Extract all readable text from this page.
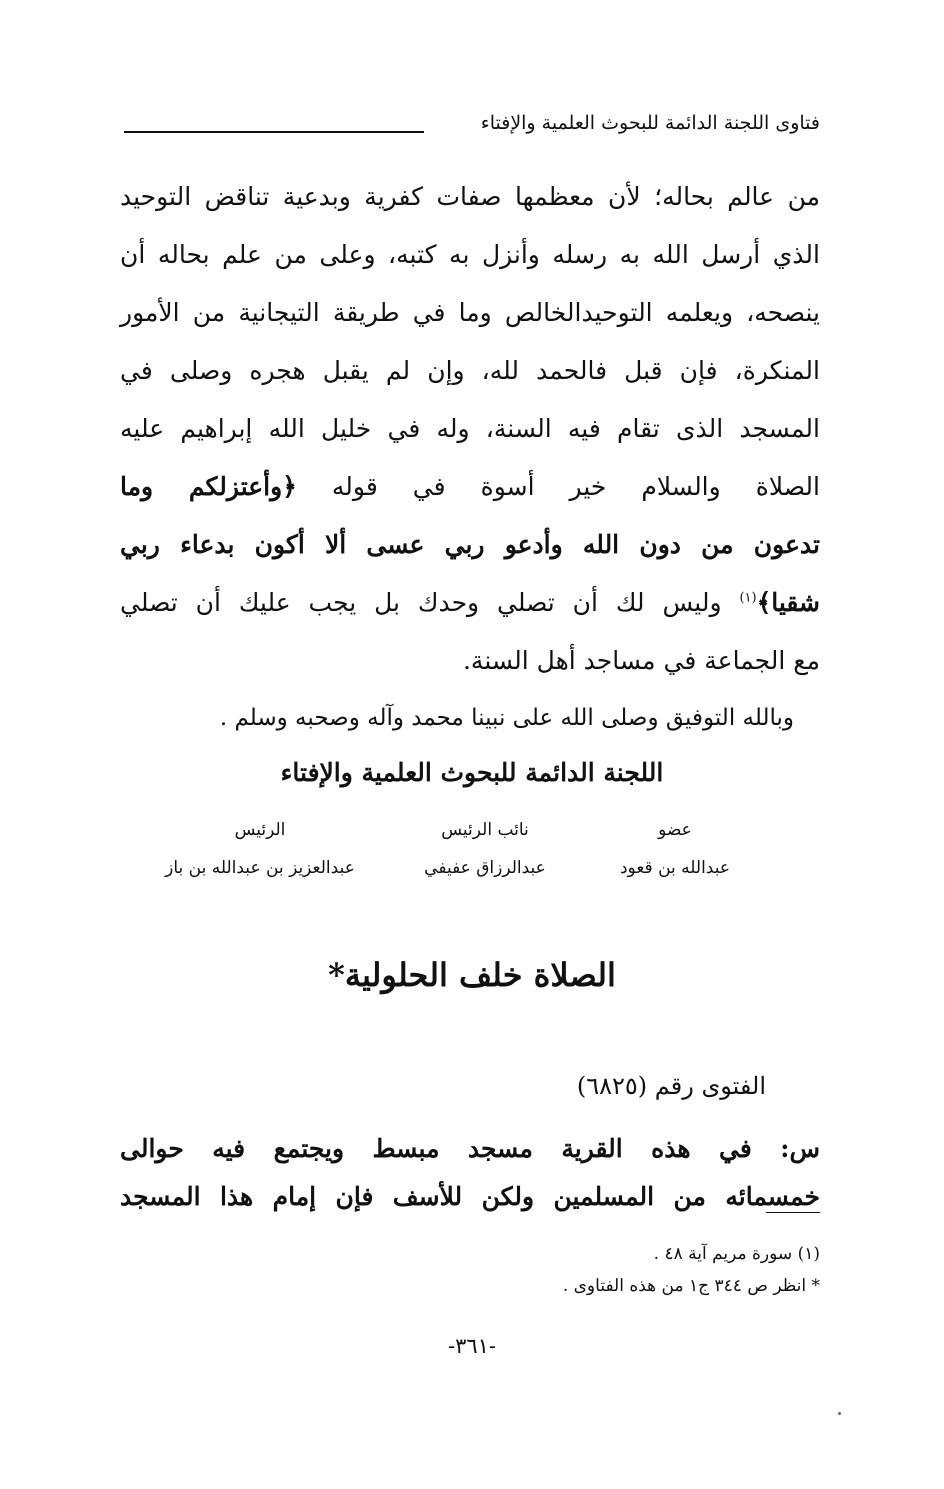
فتاوى اللجنة الدائمة للبحوث العلمية والإفتاء
من عالم بحاله؛ لأن معظمها صفات كفرية وبدعية تناقض التوحيد
الذي أرسل الله به رسله وأنزل به كتبه، وعلى من علم بحاله أن
ينصحه، ويعلمه التوحيدالخالص وما في طريقة التيجانية من الأمور
المنكرة، فإن قبل فالحمد لله، وإن لم يقبل هجره وصلى في
المسجد الذى تقام فيه السنة، وله في خليل الله إبراهيم عليه
الصلاة والسلام خير أسوة في قوله ﴿وأعتزلكم وما
تدعون من دون الله وأدعو ربي عسى ألا أكون بدعاء ربي
شقيا﴾$^{(١)}$ وليس لك أن تصلي وحدك بل يجب عليك أن تصلي
مع الجماعة في مساجد أهل السنة.
وبالله التوفيق وصلى الله على نبينا محمد وآله وصحبه وسلم .
اللجنة الدائمة للبحوث العلمية والإفتاء
الرئيس
عبدالعزيز بن عبدالله بن باز
نائب الرئيس
عبدالرزاق عفيفي
عضو
عبدالله بن قعود
الصلاة خلف الحلولية*
الفتوى رقم (٦٨٢٥)
س: في هذه القرية مسجد مبسط ويجتمع فيه حوالى
خمسمائه من المسلمين ولكن للأسف فإن إمام هذا المسجد
(١) سورة مريم آية ٤٨ .
* انظر ص ٣٤٤ ج١ من هذه الفتاوى .
-٣٦١-
